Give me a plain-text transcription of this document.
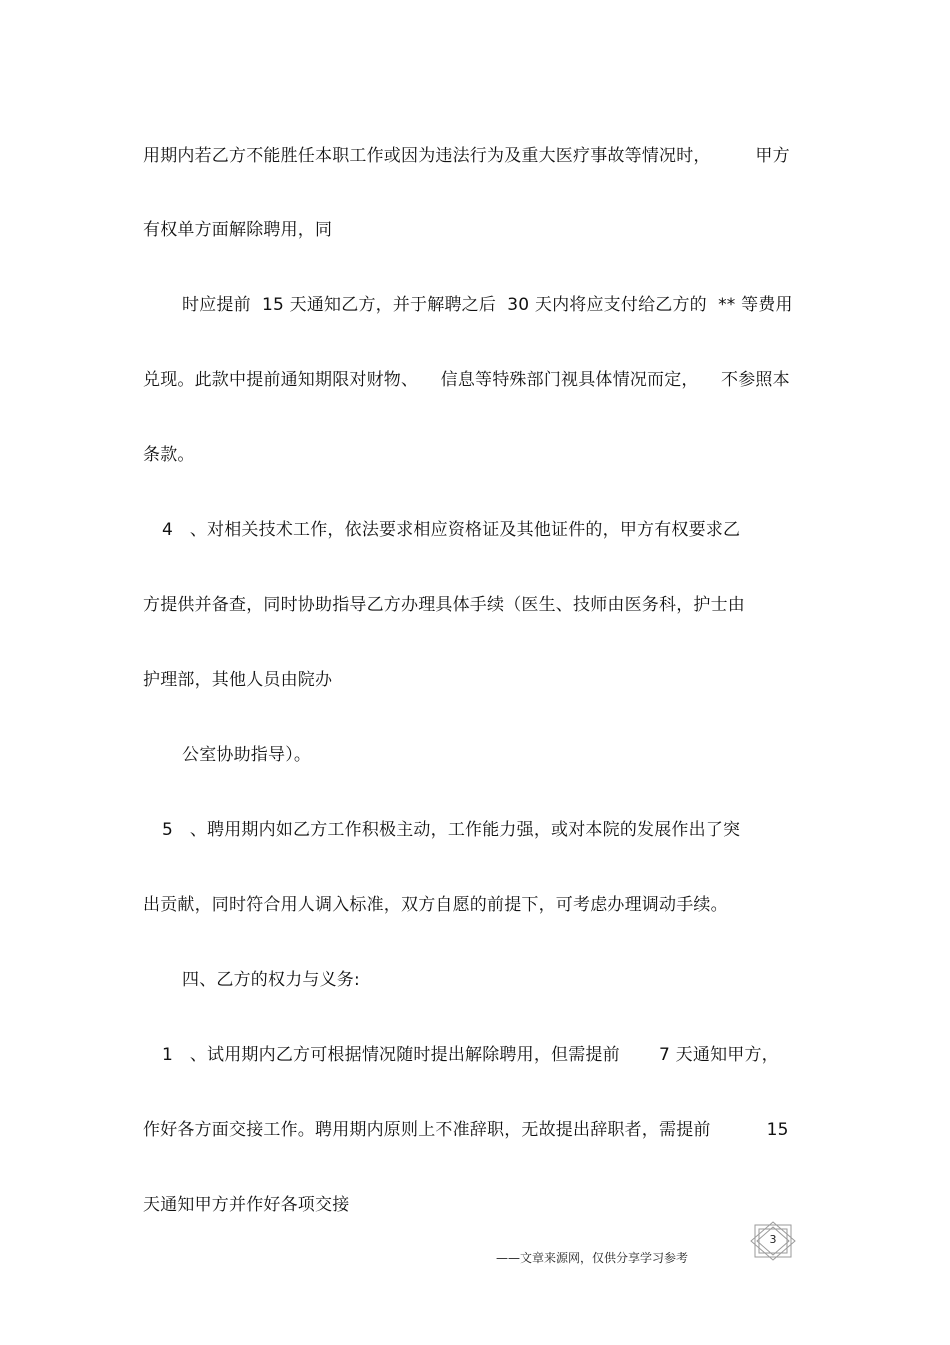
用期内若乙方不能胜任本职工作或因为违法行为及重大医疗事故等情况时，        甲方
有权单方面解除聘用，同
时应提前  15 天通知乙方，并于解聘之后  30 天内将应支付给乙方的  ** 等费用
兑现。此款中提前通知期限对财物、    信息等特殊部门视具体情况而定，    不参照本
条款。
4   、对相关技术工作，依法要求相应资格证及其他证件的，甲方有权要求乙
方提供并备查，同时协助指导乙方办理具体手续（医生、技师由医务科，护士由
护理部，其他人员由院办
公室协助指导）。
5   、聘用期内如乙方工作积极主动，工作能力强，或对本院的发展作出了突
出贡献，同时符合用人调入标准，双方自愿的前提下，可考虑办理调动手续。
四、乙方的权力与义务:
1   、试用期内乙方可根据情况随时提出解除聘用，但需提前       7 天通知甲方，
作好各方面交接工作。聘用期内原则上不准辞职，无故提出辞职者，需提前          15
天通知甲方并作好各项交接
3
——文章来源网，仅供分享学习参考
